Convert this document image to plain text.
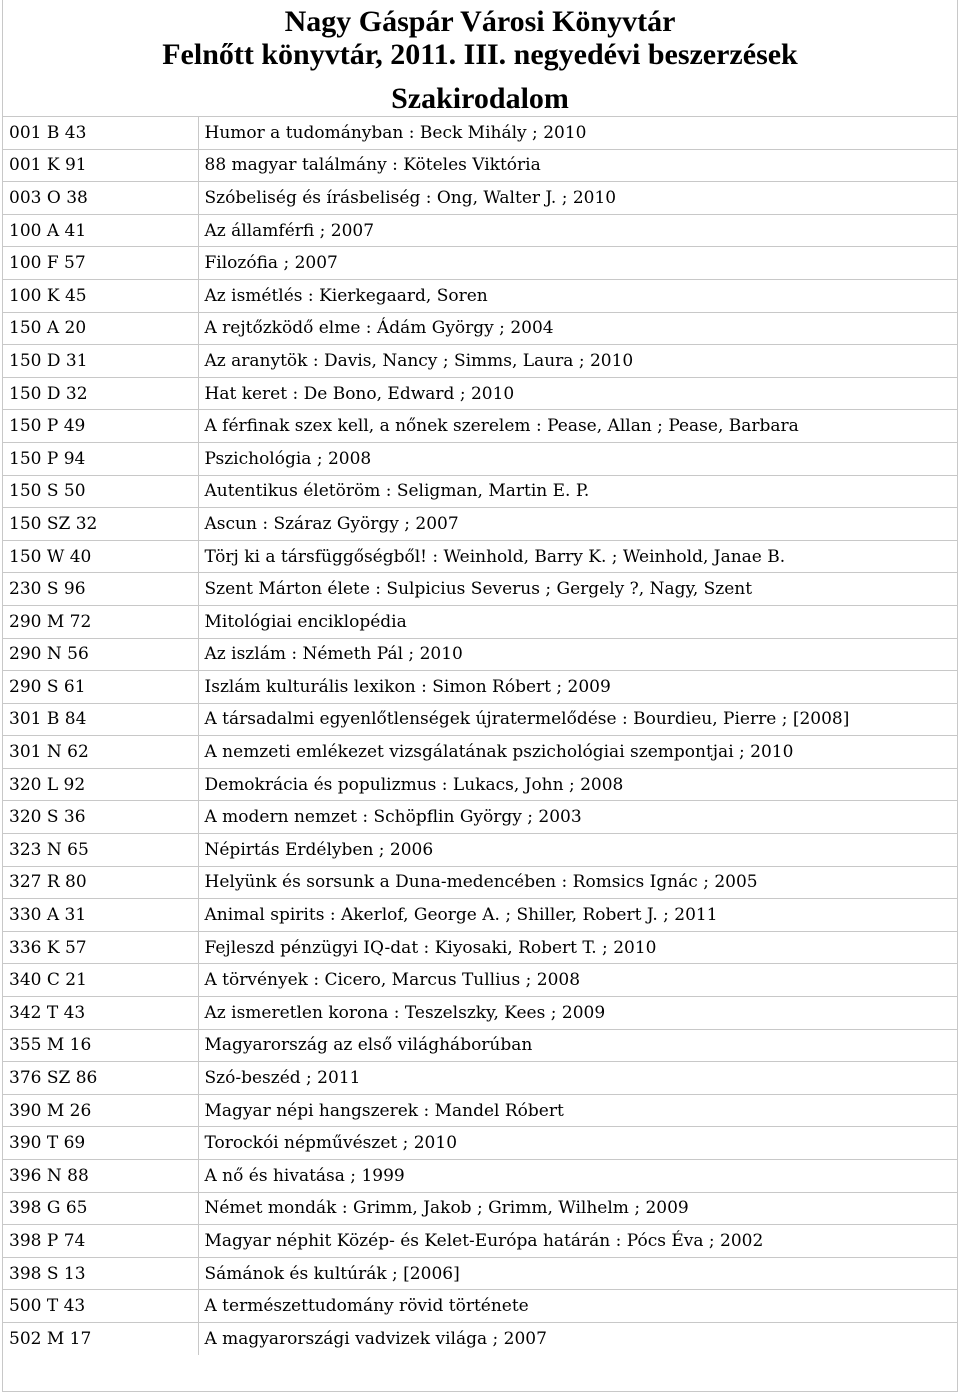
Nagy Gáspár Városi Könyvtár
Felnőtt könyvtár, 2011. III. negyedévi beszerzések
Szakirodalom
001 B 43	Humor a tudományban : Beck Mihály ; 2010
001 K 91	88 magyar találmány : Köteles Viktória
003 O 38	Szóbeliség és írásbeliség : Ong, Walter J. ; 2010
100 A 41	Az államférfi ; 2007
100 F 57	Filozófia ; 2007
100 K 45	Az ismétlés : Kierkegaard, Soren
150 A 20	A rejtőzködő elme : Ádám György ; 2004
150 D 31	Az aranytök : Davis, Nancy ; Simms, Laura ; 2010
150 D 32	Hat keret : De Bono, Edward ; 2010
150 P 49	A férfinak szex kell, a nőnek szerelem : Pease, Allan ; Pease, Barbara
150 P 94	Pszichológia ; 2008
150 S 50	Autentikus életöröm : Seligman, Martin E. P.
150 SZ 32	Ascun : Száraz György ; 2007
150 W 40	Törj ki a társfüggőségből! : Weinhold, Barry K. ; Weinhold, Janae B.
230 S 96	Szent Márton élete : Sulpicius Severus ; Gergely ?, Nagy, Szent
290 M 72	Mitológiai enciklopédia
290 N 56	Az iszlám : Németh Pál ; 2010
290 S 61	Iszlám kulturális lexikon : Simon Róbert ; 2009
301 B 84	A társadalmi egyenlőtlenségek újratermelődése : Bourdieu, Pierre ; [2008]
301 N 62	A nemzeti emlékezet vizsgálatának pszichológiai szempontjai ; 2010
320 L 92	Demokrácia és populizmus : Lukacs, John ; 2008
320 S 36	A modern nemzet : Schöpflin György ; 2003
323 N 65	Népirtás Erdélyben ; 2006
327 R 80	Helyünk és sorsunk a Duna-medencében : Romsics Ignác ; 2005
330 A 31	Animal spirits : Akerlof, George A. ; Shiller, Robert J. ; 2011
336 K 57	Fejleszd pénzügyi IQ-dat : Kiyosaki, Robert T. ; 2010
340 C 21	A törvények : Cicero, Marcus Tullius ; 2008
342 T 43	Az ismeretlen korona : Teszelszky, Kees ; 2009
355 M 16	Magyarország az első világháborúban
376 SZ 86	Szó-beszéd ; 2011
390 M 26	Magyar népi hangszerek : Mandel Róbert
390 T 69	Torockói népművészet ; 2010
396 N 88	A nő és hivatása ; 1999
398 G 65	Német mondák : Grimm, Jakob ; Grimm, Wilhelm ; 2009
398 P 74	Magyar néphit Közép- és Kelet-Európa határán : Pócs Éva ; 2002
398 S 13	Sámánok és kultúrák ; [2006]
500 T 43	A természettudomány rövid története
502 M 17	A magyarországi vadvizek világa ; 2007
